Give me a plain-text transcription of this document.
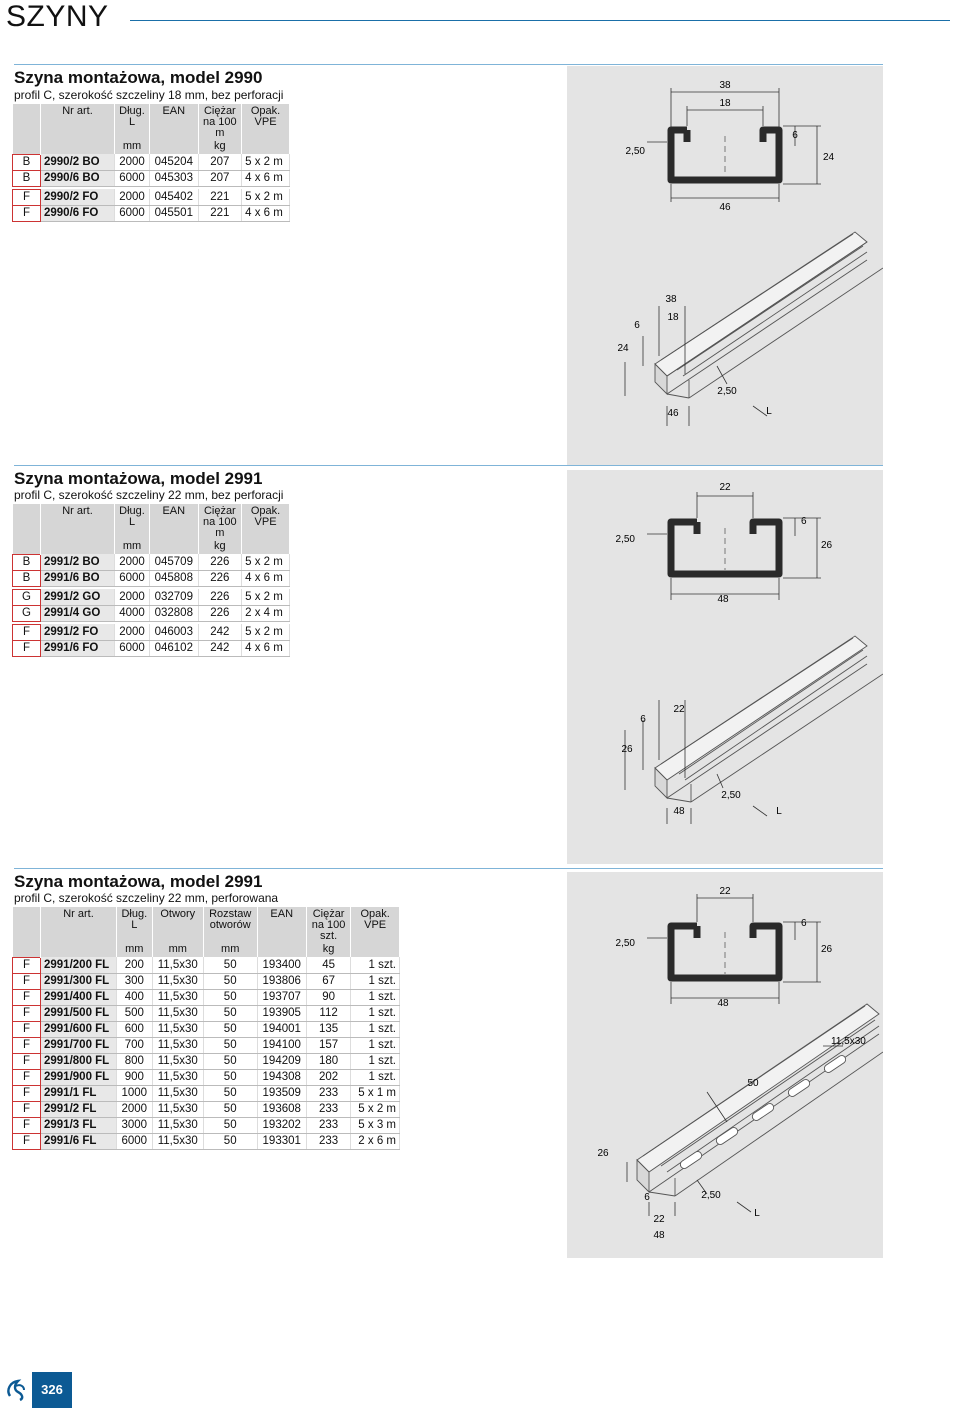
SZYNY
Szyna montażowa, model 2990
profil C, szerokość szczeliny 18 mm, bez perforacji
	Nr art.	Dług.
L	EAN	Ciężar
na 100
m	Opak.
VPE
		mm		kg	
B	2990/2 BO	2000	045204	207	5 x 2 m
B	2990/6 BO	6000	045303	207	4 x 6 m

F	2990/2 FO	2000	045402	221	5 x 2 m
F	2990/6 FO	6000	045501	221	4 x 6 m
38
18
2,50
6
24
46
38
18
6
24
2,50
46	L
Szyna montażowa, model 2991
profil C, szerokość szczeliny 22 mm, bez perforacji
	Nr art.	Dług.
L	EAN	Ciężar
na 100
m	Opak.
VPE
		mm		kg	
B	2991/2 BO	2000	045709	226	5 x 2 m
B	2991/6 BO	6000	045808	226	4 x 6 m

G	2991/2 GO	2000	032709	226	5 x 2 m
G	2991/4 GO	4000	032808	226	2 x 4 m

F	2991/2 FO	2000	046003	242	5 x 2 m
F	2991/6 FO	6000	046102	242	4 x 6 m
22
2,50
6
26
48
6
22
26
2,50
48	L
Szyna montażowa, model 2991
profil C, szerokość szczeliny 22 mm, perforowana
	Nr art.	Dług.
L	Otwory	Rozstaw
otworów	EAN	Ciężar
na 100
szt.	Opak.
VPE
		mm	mm	mm		kg	
F	2991/200 FL	200	11,5x30	50	193400	45	1 szt.
F	2991/300 FL	300	11,5x30	50	193806	67	1 szt.
F	2991/400 FL	400	11,5x30	50	193707	90	1 szt.
F	2991/500 FL	500	11,5x30	50	193905	112	1 szt.
F	2991/600 FL	600	11,5x30	50	194001	135	1 szt.
F	2991/700 FL	700	11,5x30	50	194100	157	1 szt.
F	2991/800 FL	800	11,5x30	50	194209	180	1 szt.
F	2991/900 FL	900	11,5x30	50	194308	202	1 szt.
F	2991/1 FL	1000	11,5x30	50	193509	233	5 x 1 m
F	2991/2 FL	2000	11,5x30	50	193608	233	5 x 2 m
F	2991/3 FL	3000	11,5x30	50	193202	233	5 x 3 m
F	2991/6 FL	6000	11,5x30	50	193301	233	2 x 6 m
22
2,50
6
26
48
11,5x30
50
26
6	2,50
22
48
L
326
